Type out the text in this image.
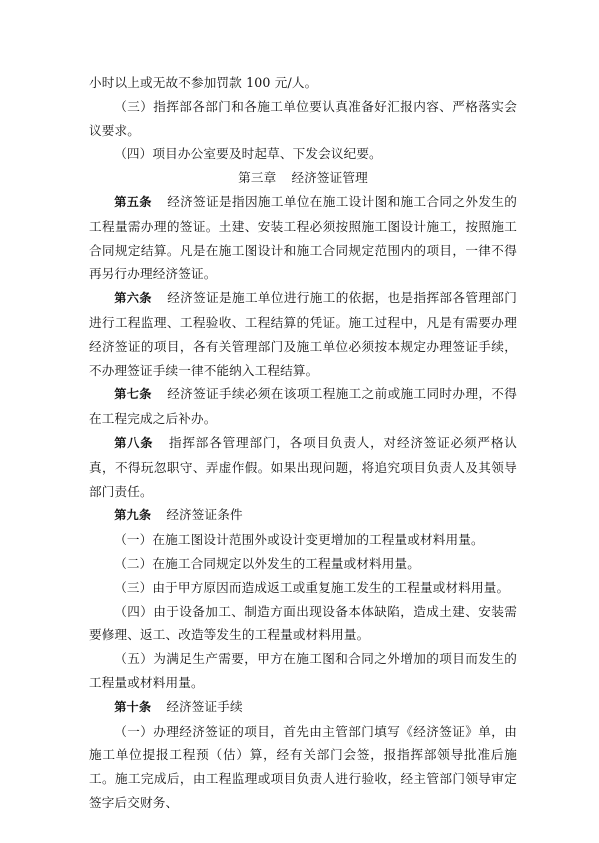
小时以上或无故不参加罚款 100 元/人。

（三）指挥部各部门和各施工单位要认真准备好汇报内容、严格落实会议要求。

（四）项目办公室要及时起草、下发会议纪要。

第三章 经济签证管理

第五条 经济签证是指因施工单位在施工设计图和施工合同之外发生的工程量需办理的签证。土建、安装工程必须按照施工图设计施工，按照施工合同规定结算。凡是在施工图设计和施工合同规定范围内的项目，一律不得再另行办理经济签证。

第六条 经济签证是施工单位进行施工的依据，也是指挥部各管理部门进行工程监理、工程验收、工程结算的凭证。施工过程中，凡是有需要办理经济签证的项目，各有关管理部门及施工单位必须按本规定办理签证手续，不办理签证手续一律不能纳入工程结算。

第七条 经济签证手续必须在该项工程施工之前或施工同时办理，不得在工程完成之后补办。

第八条 指挥部各管理部门，各项目负责人，对经济签证必须严格认真，不得玩忽职守、弄虚作假。如果出现问题，将追究项目负责人及其领导部门责任。

第九条 经济签证条件

（一）在施工图设计范围外或设计变更增加的工程量或材料用量。

（二）在施工合同规定以外发生的工程量或材料用量。

（三）由于甲方原因而造成返工或重复施工发生的工程量或材料用量。

（四）由于设备加工、制造方面出现设备本体缺陷，造成土建、安装需要修理、返工、改造等发生的工程量或材料用量。

（五）为满足生产需要，甲方在施工图和合同之外增加的项目而发生的工程量或材料用量。

第十条 经济签证手续

（一）办理经济签证的项目，首先由主管部门填写《经济签证》单，由施工单位提报工程预（估）算，经有关部门会签，报指挥部领导批准后施工。施工完成后，由工程监理或项目负责人进行验收，经主管部门领导审定签字后交财务、
